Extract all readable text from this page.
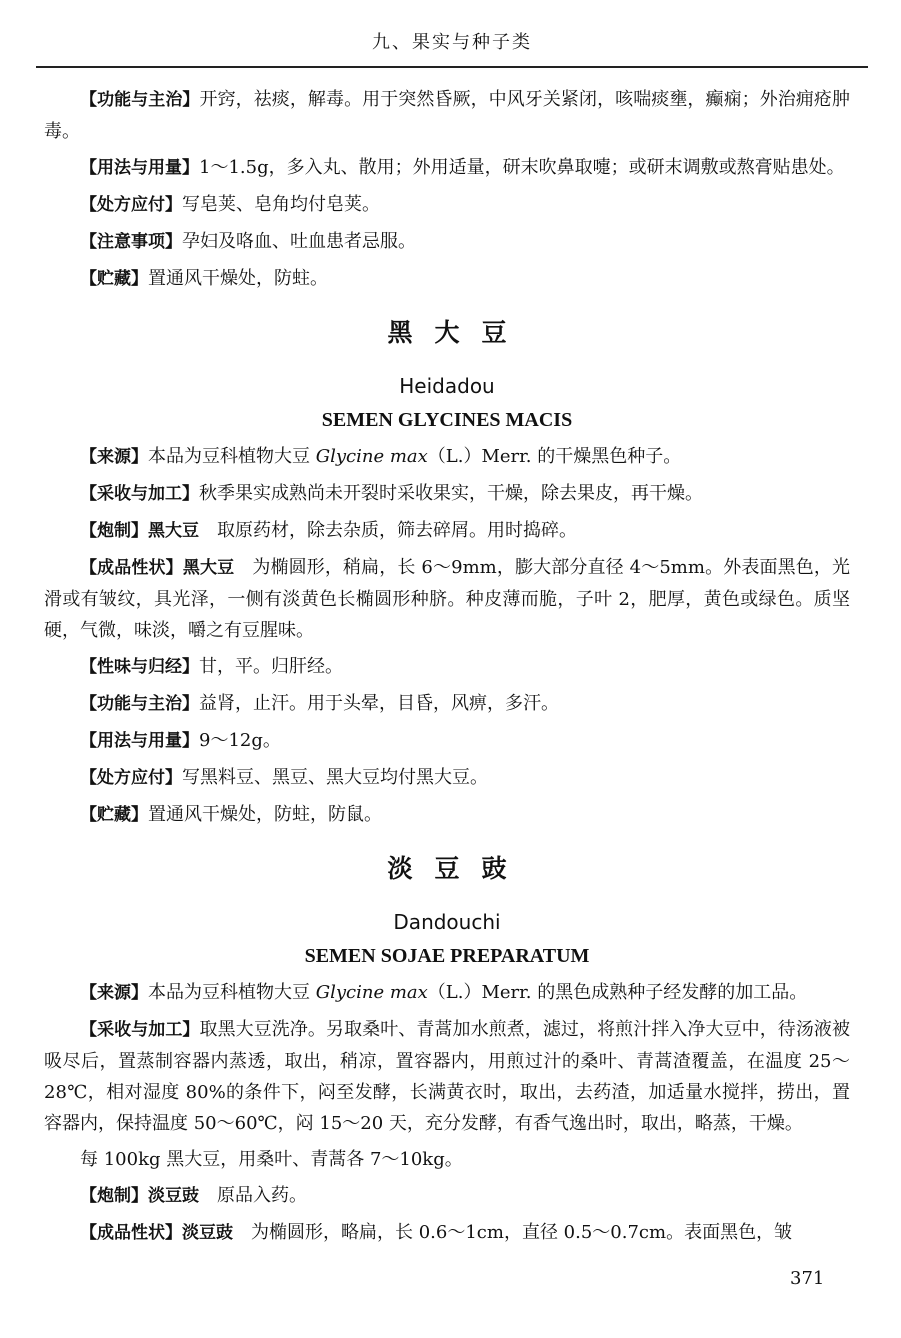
九、果实与种子类

【功能与主治】开窍，祛痰，解毒。用于突然昏厥，中风牙关紧闭，咳喘痰壅，癫痫；外治痈疮肿毒。

【用法与用量】1～1.5g，多入丸、散用；外用适量，研末吹鼻取嚏；或研末调敷或熬膏贴患处。

【处方应付】写皂荚、皂角均付皂荚。

【注意事项】孕妇及咯血、吐血患者忌服。

【贮藏】置通风干燥处，防蛀。

黑大豆
Heidadou
SEMEN GLYCINES MACIS

【来源】本品为豆科植物大豆 Glycine max（L.）Merr. 的干燥黑色种子。

【采收与加工】秋季果实成熟尚未开裂时采收果实，干燥，除去果皮，再干燥。

【炮制】黑大豆　取原药材，除去杂质，筛去碎屑。用时捣碎。

【成品性状】黑大豆　为椭圆形，稍扁，长 6～9mm，膨大部分直径 4～5mm。外表面黑色，光滑或有皱纹，具光泽，一侧有淡黄色长椭圆形种脐。种皮薄而脆，子叶 2，肥厚，黄色或绿色。质坚硬，气微，味淡，嚼之有豆腥味。

【性味与归经】甘，平。归肝经。

【功能与主治】益肾，止汗。用于头晕，目昏，风痹，多汗。

【用法与用量】9～12g。

【处方应付】写黑料豆、黑豆、黑大豆均付黑大豆。

【贮藏】置通风干燥处，防蛀，防鼠。

淡豆豉
Dandouchi
SEMEN SOJAE PREPARATUM

【来源】本品为豆科植物大豆 Glycine max（L.）Merr. 的黑色成熟种子经发酵的加工品。

【采收与加工】取黑大豆洗净。另取桑叶、青蒿加水煎煮，滤过，将煎汁拌入净大豆中，待汤液被吸尽后，置蒸制容器内蒸透，取出，稍凉，置容器内，用煎过汁的桑叶、青蒿渣覆盖，在温度 25～28℃，相对湿度 80%的条件下，闷至发酵，长满黄衣时，取出，去药渣，加适量水搅拌，捞出，置容器内，保持温度 50～60℃，闷 15～20 天，充分发酵，有香气逸出时，取出，略蒸，干燥。

每 100kg 黑大豆，用桑叶、青蒿各 7～10kg。

【炮制】淡豆豉　原品入药。

【成品性状】淡豆豉　为椭圆形，略扁，长 0.6～1cm，直径 0.5～0.7cm。表面黑色，皱

371
